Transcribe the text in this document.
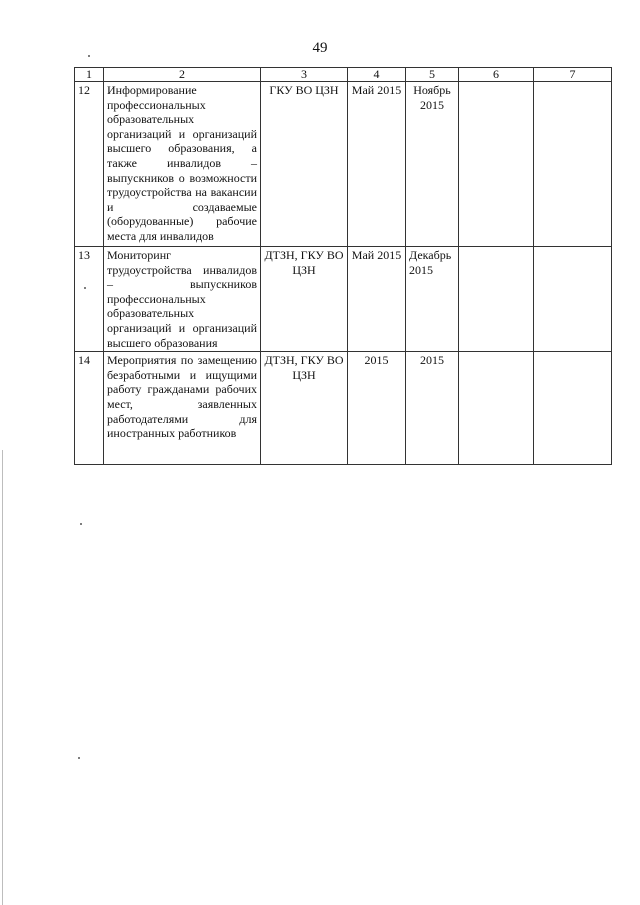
49
1	2	3	4	5	6	7
12	Информирование профессиональных образовательных организаций и организаций высшего образования, а также инвалидов – выпускников о возможности трудоустройства на вакансии и создаваемые (оборудованные) рабочие места для инвалидов	ГКУ ВО ЦЗН	Май 2015	Ноябрь 2015		
13	Мониторинг трудоустройства инвалидов – выпускников профессиональных образовательных организаций и организаций высшего образования	ДТЗН, ГКУ ВО ЦЗН	Май 2015	Декабрь 2015		
14	Мероприятия по замещению безработными и ищущими работу гражданами рабочих мест, заявленных работодателями для иностранных работников	ДТЗН, ГКУ ВО ЦЗН	2015	2015		
